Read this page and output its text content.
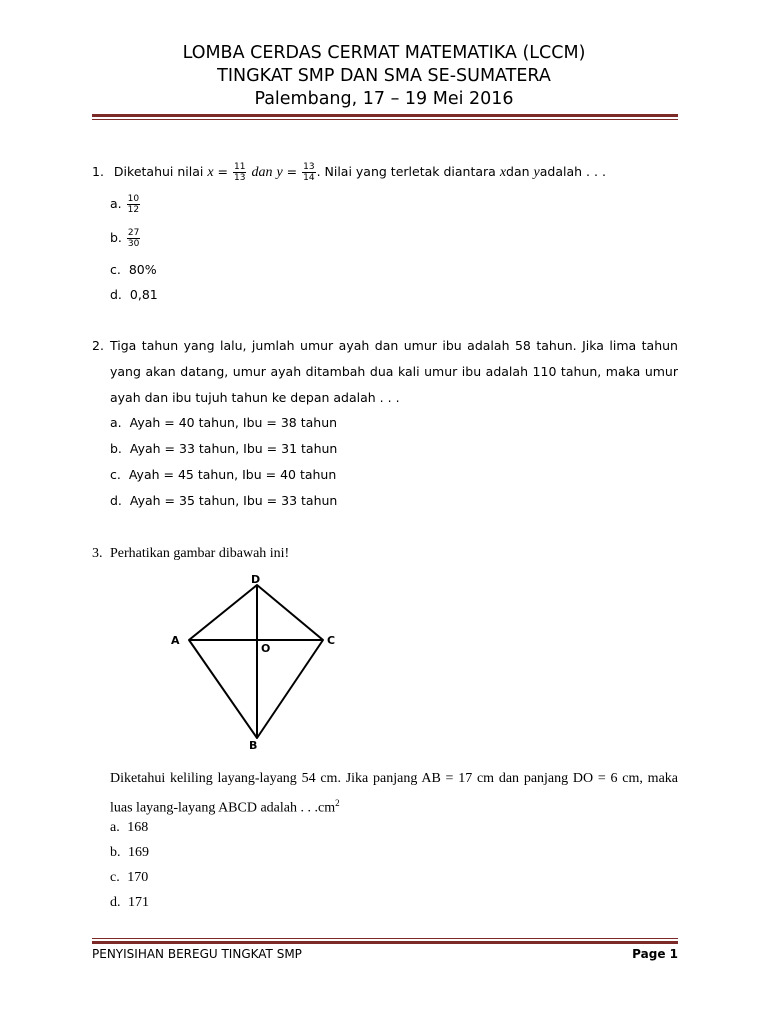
LOMBA CERDAS CERMAT MATEMATIKA (LCCM)
TINGKAT SMP DAN SMA SE-SUMATERA
Palembang, 17 – 19 Mei 2016
1. Diketahui nilai $x = \frac{11}{13}$ dan $y = \frac{13}{14}$ . Nilai yang terletak diantara xdan yadalah . . .
a. $\frac{10}{12}$
b. $\frac{27}{30}$
c. 80%
d. 0,81
2. Tiga tahun yang lalu, jumlah umur ayah dan umur ibu adalah 58 tahun. Jika lima tahun yang akan datang, umur ayah ditambah dua kali umur ibu adalah 110 tahun, maka umur ayah dan ibu tujuh tahun ke depan adalah . . .
a. Ayah = 40 tahun, Ibu = 38 tahun
b. Ayah = 33 tahun, Ibu = 31 tahun
c. Ayah = 45 tahun, Ibu = 40 tahun
d. Ayah = 35 tahun, Ibu = 33 tahun
3. Perhatikan gambar dibawah ini!
D
A	C
O
B
Diketahui keliling layang-layang 54 cm. Jika panjang AB = 17 cm dan panjang DO = 6 cm, maka luas layang-layang ABCD adalah . . $.cm^2$
a. 168
b. 169
c. 170
d. 171
PENYISIHAN BEREGU TINGKAT SMP	Page 1
